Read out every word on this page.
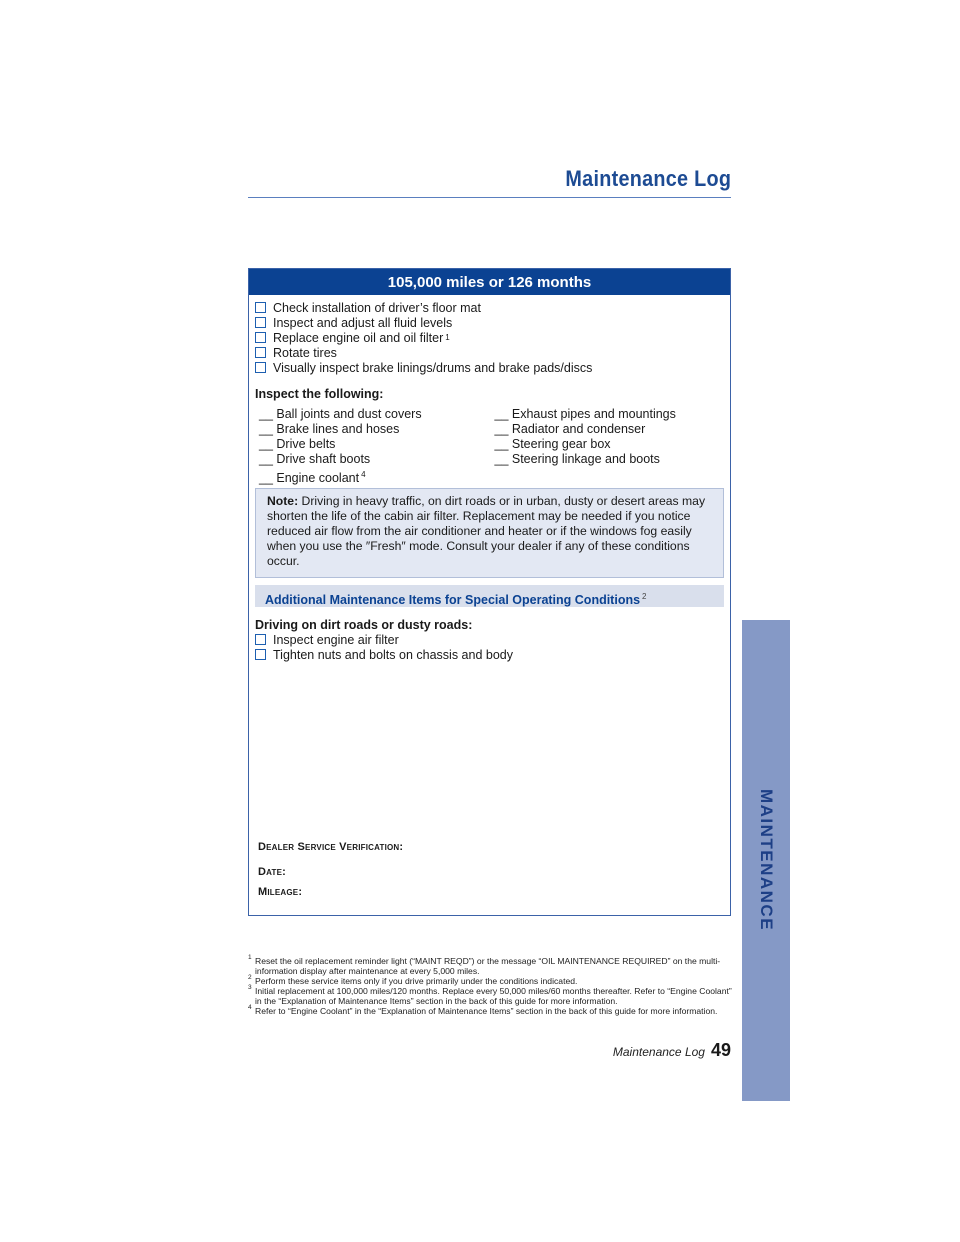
Maintenance Log
105,000 miles or 126 months
Check installation of driver’s floor mat
Inspect and adjust all fluid levels
Replace engine oil and oil filter 1
Rotate tires
Visually inspect brake linings/drums and brake pads/discs
Inspect the following:
__ Ball joints and dust covers
__ Brake lines and hoses
__ Drive belts
__ Drive shaft boots
__ Engine coolant $^4$
__ Exhaust pipes and mountings
__ Radiator and condenser
__ Steering gear box
__ Steering linkage and boots
Note: Driving in heavy traffic, on dirt roads or in urban, dusty or desert areas may shorten the life of the cabin air filter. Replacement may be needed if you notice reduced air flow from the air conditioner and heater or if the windows fog easily when you use the ″Fresh″ mode. Consult your dealer if any of these conditions occur.
Additional Maintenance Items for Special Operating Conditions $^2$
Driving on dirt roads or dusty roads:
Inspect engine air filter
Tighten nuts and bolts on chassis and body
Dealer Service Verification:
Date:
Mileage:
1 Reset the oil replacement reminder light (“MAINT REQD”) or the message “OIL MAINTENANCE REQUIRED” on the multi-information display after maintenance at every 5,000 miles.
2 Perform these service items only if you drive primarily under the conditions indicated.
3 Initial replacement at 100,000 miles/120 months. Replace every 50,000 miles/60 months thereafter. Refer to “Engine Coolant” in the “Explanation of Maintenance Items” section in the back of this guide for more information.
4 Refer to “Engine Coolant” in the “Explanation of Maintenance Items” section in the back of this guide for more information.
Maintenance Log 49
MAINTENANCE
